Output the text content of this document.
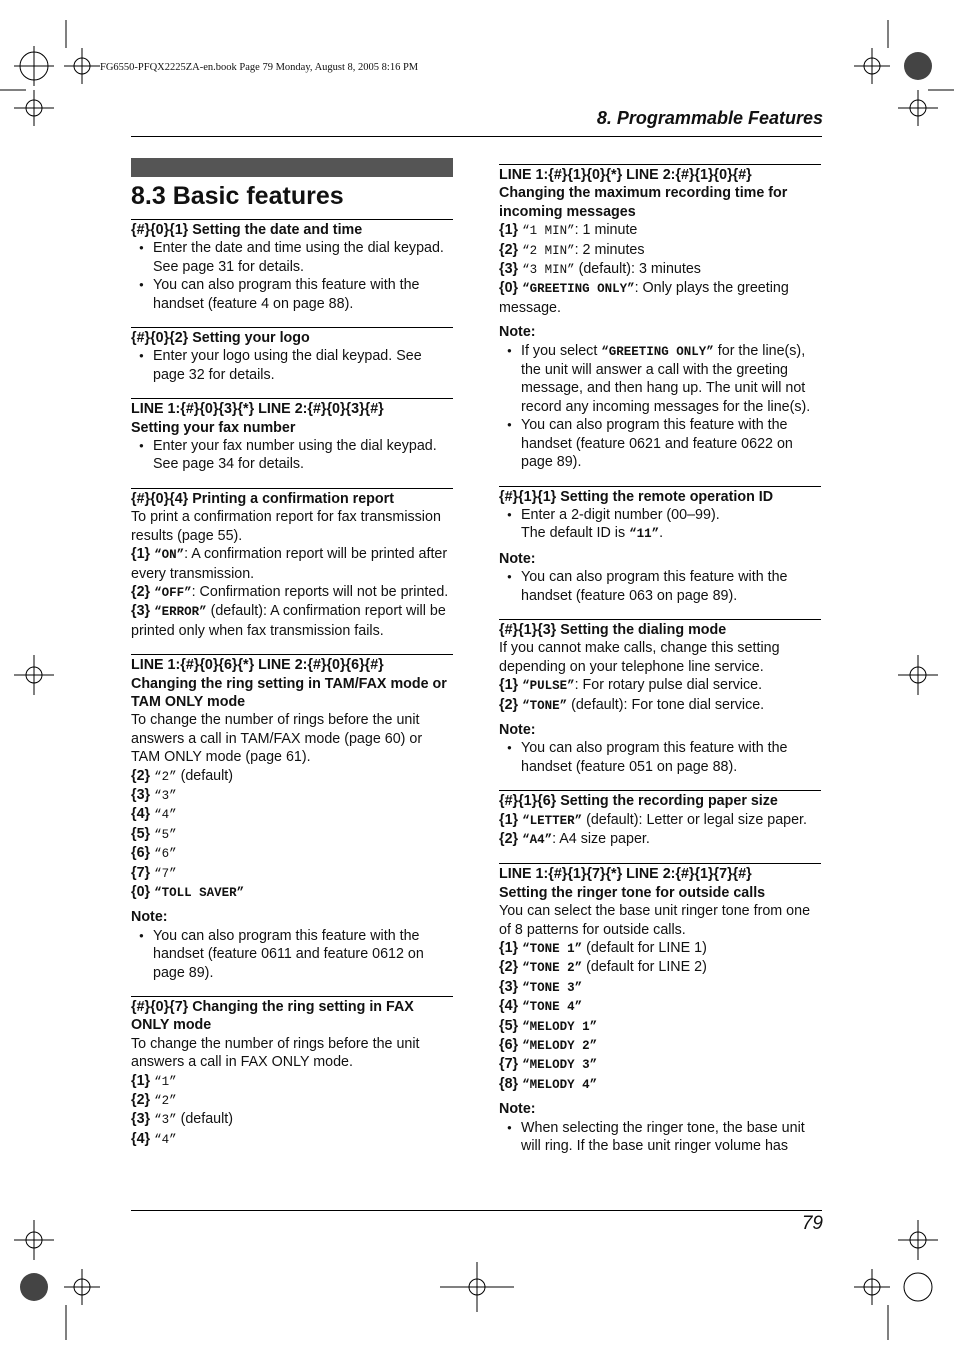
FG6550-PFQX2225ZA-en.book Page 79 Monday, August 8, 2005 8:16 PM
8. Programmable Features
79
8.3 Basic features
{#}{0}{1} Setting the date and time

● Enter the date and time using the dial keypad. See page 31 for details.

● You can also program this feature with the handset (feature 4 on page 88).

{#}{0}{2} Setting your logo

● Enter your logo using the dial keypad. See page 32 for details.

LINE 1:{#}{0}{3}{*} LINE 2:{#}{0}{3}{#}
Setting your fax number

● Enter your fax number using the dial keypad. See page 34 for details.

{#}{0}{4} Printing a confirmation report

To print a confirmation report for fax transmission results (page 55).

{1} “ON”: A confirmation report will be printed after every transmission.

{2} “OFF”: Confirmation reports will not be printed.

{3} “ERROR” (default): A confirmation report will be printed only when fax transmission fails.

LINE 1:{#}{0}{6}{*} LINE 2:{#}{0}{6}{#}
Changing the ring setting in TAM/FAX mode or TAM ONLY mode

To change the number of rings before the unit answers a call in TAM/FAX mode (page 60) or TAM ONLY mode (page 61).

{2} “2” (default)

{3} “3”

{4} “4”

{5} “5”

{6} “6”

{7} “7”

{0} “TOLL SAVER”

Note:

● You can also program this feature with the handset (feature 0611 and feature 0612 on page 89).

{#}{0}{7} Changing the ring setting in FAX ONLY mode

To change the number of rings before the unit answers a call in FAX ONLY mode.

{1} “1”

{2} “2”

{3} “3” (default)

{4} “4”

LINE 1:{#}{1}{0}{*} LINE 2:{#}{1}{0}{#}
Changing the maximum recording time for incoming messages

{1} “1 MIN”: 1 minute

{2} “2 MIN”: 2 minutes

{3} “3 MIN” (default): 3 minutes

{0} “GREETING ONLY”: Only plays the greeting message.

Note:

● If you select “GREETING ONLY” for the line(s), the unit will answer a call with the greeting message, and then hang up. The unit will not record any incoming messages for the line(s).

● You can also program this feature with the handset (feature 0621 and feature 0622 on page 89).

{#}{1}{1} Setting the remote operation ID

● Enter a 2-digit number (00–99).

The default ID is “11”.

Note:

● You can also program this feature with the handset (feature 063 on page 89).

{#}{1}{3} Setting the dialing mode

If you cannot make calls, change this setting depending on your telephone line service.

{1} “PULSE”: For rotary pulse dial service.

{2} “TONE” (default): For tone dial service.

Note:

● You can also program this feature with the handset (feature 051 on page 88).

{#}{1}{6} Setting the recording paper size

{1} “LETTER” (default): Letter or legal size paper.

{2} “A4”: A4 size paper.

LINE 1:{#}{1}{7}{*} LINE 2:{#}{1}{7}{#}
Setting the ringer tone for outside calls

You can select the base unit ringer tone from one of 8 patterns for outside calls.

{1} “TONE 1” (default for LINE 1)

{2} “TONE 2” (default for LINE 2)

{3} “TONE 3”

{4} “TONE 4”

{5} “MELODY 1”

{6} “MELODY 2”

{7} “MELODY 3”

{8} “MELODY 4”

Note:

● When selecting the ringer tone, the base unit will ring. If the base unit ringer volume has
